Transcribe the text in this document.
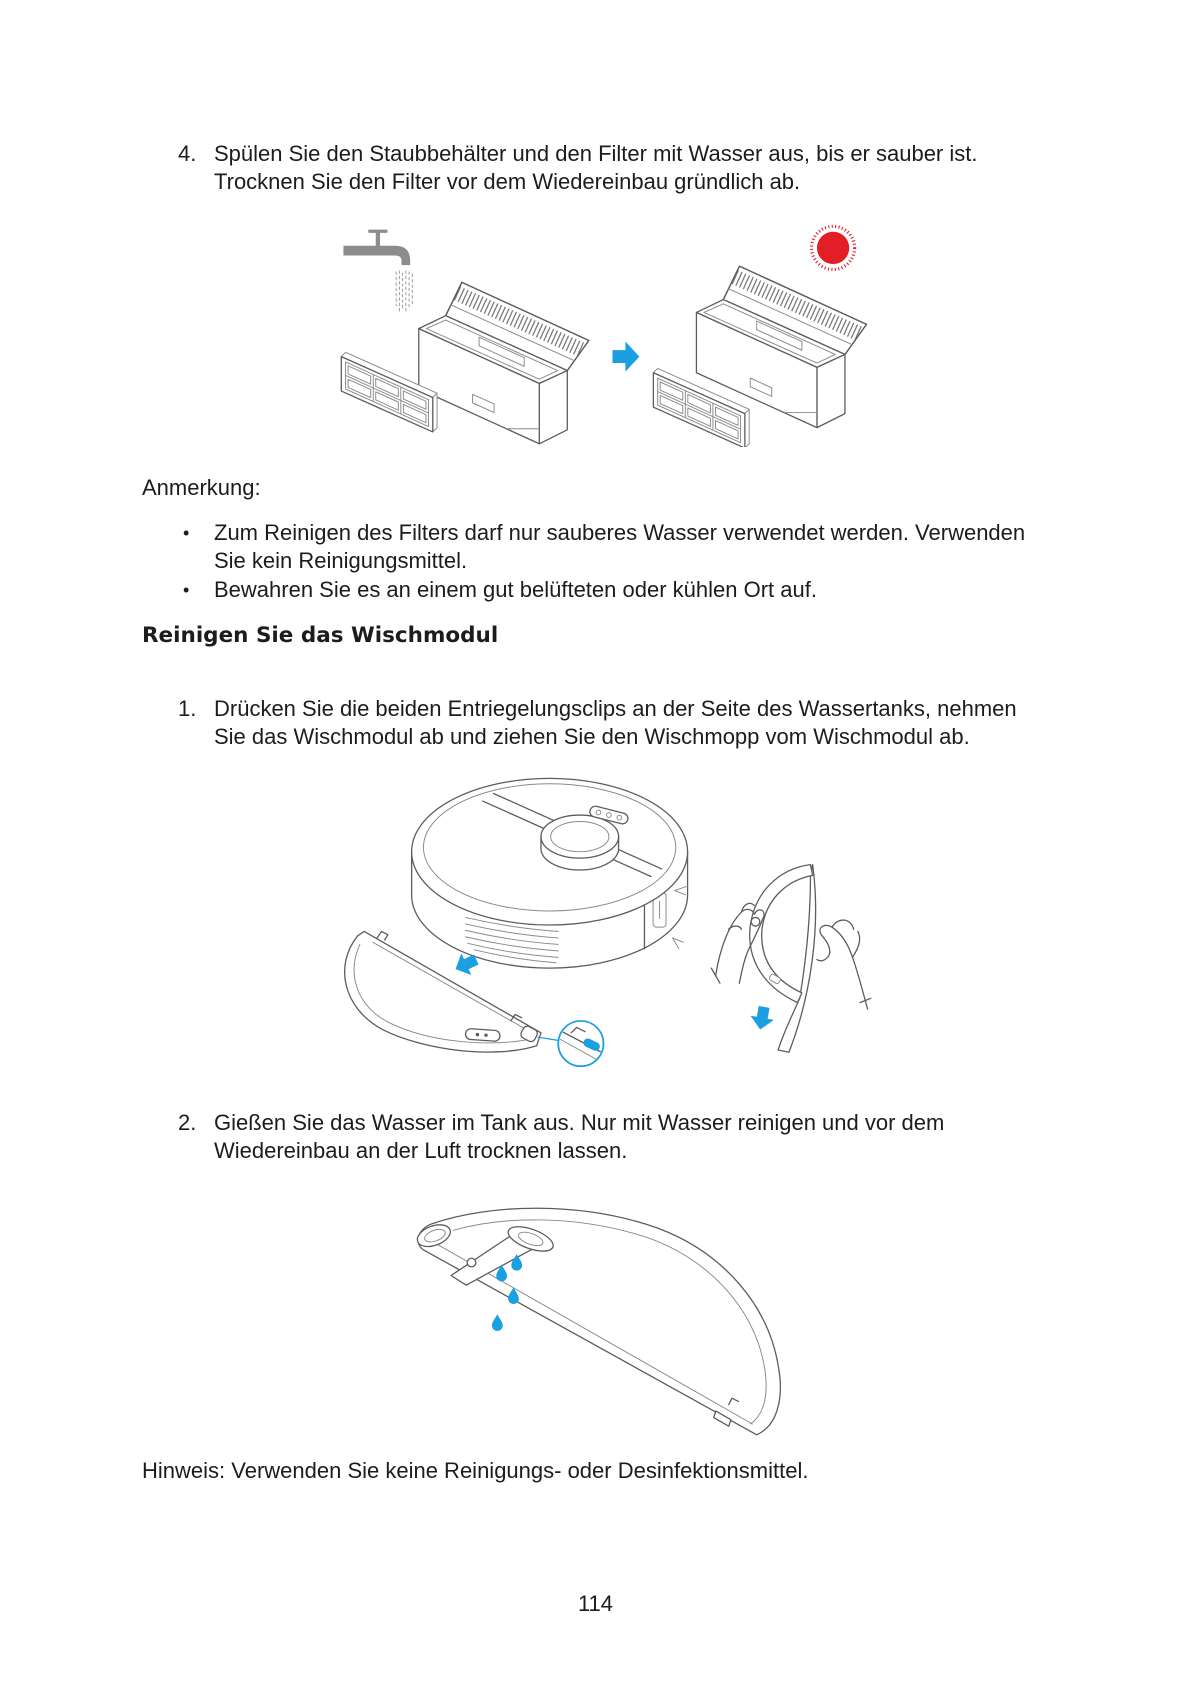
4. Spülen Sie den Staubbehälter und den Filter mit Wasser aus, bis er sauber ist.

Trocknen Sie den Filter vor dem Wiedereinbau gründlich ab.

Anmerkung:

• Zum Reinigen des Filters darf nur sauberes Wasser verwendet werden. Verwenden

Sie kein Reinigungsmittel.

• Bewahren Sie es an einem gut belüfteten oder kühlen Ort auf.

Reinigen Sie das Wischmodul

1. Drücken Sie die beiden Entriegelungsclips an der Seite des Wassertanks, nehmen

Sie das Wischmodul ab und ziehen Sie den Wischmopp vom Wischmodul ab.

2. Gießen Sie das Wasser im Tank aus. Nur mit Wasser reinigen und vor dem

Wiedereinbau an der Luft trocknen lassen.

Hinweis: Verwenden Sie keine Reinigungs- oder Desinfektionsmittel.

114
